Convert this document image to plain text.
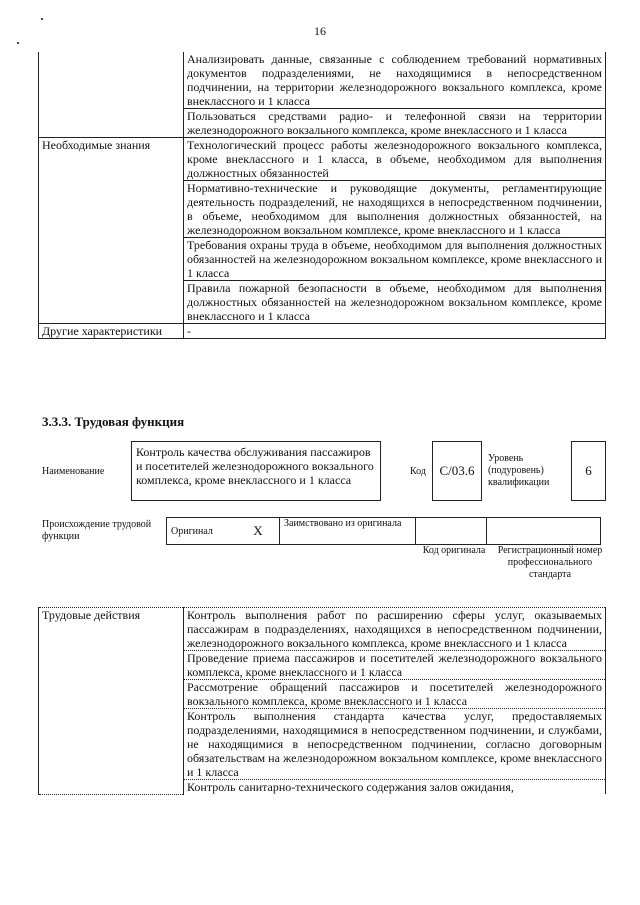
16
	Анализировать данные, связанные с соблюдением требований нормативных документов подразделениями, не находящимися в непосредственном подчинении, на территории железнодорожного вокзального комплекса, кроме внеклассного и 1 класса
	Пользоваться средствами радио- и телефонной связи на территории железнодорожного вокзального комплекса, кроме внеклассного и 1 класса
Необходимые знания	Технологический процесс работы железнодорожного вокзального комплекса, кроме внеклассного и 1 класса, в объеме, необходимом для выполнения должностных обязанностей
	Нормативно-технические и руководящие документы, регламентирующие деятельность подразделений, не находящихся в непосредственном подчинении, в объеме, необходимом для выполнения должностных обязанностей, на железнодорожном вокзальном комплексе, кроме внеклассного и 1 класса
	Требования охраны труда в объеме, необходимом для выполнения должностных обязанностей на железнодорожном вокзальном комплексе, кроме внеклассного и 1 класса
	Правила пожарной безопасности в объеме, необходимом для выполнения должностных обязанностей на железнодорожном вокзальном комплексе, кроме внеклассного и 1 класса
Другие характеристики	-
3.3.3. Трудовая функция
Наименование
Контроль качества обслуживания пассажиров и посетителей железнодорожного вокзального комплекса, кроме внеклассного и 1 класса
Код	С/03.6
Уровень (подуровень) квалификации
6
Происхождение трудовой функции	Оригинал	X	Заимствовано из оригинала		
Код оригинала	Регистрационный номер профессионального стандарта
Трудовые действия	Контроль выполнения работ по расширению сферы услуг, оказываемых пассажирам в подразделениях, находящихся в непосредственном подчинении, железнодорожного вокзального комплекса, кроме внеклассного и 1 класса
Проведение приема пассажиров и посетителей железнодорожного вокзального комплекса, кроме внеклассного и 1 класса
Рассмотрение обращений пассажиров и посетителей железнодорожного вокзального комплекса, кроме внеклассного и 1 класса
Контроль выполнения стандарта качества услуг, предоставляемых подразделениями, находящимися в непосредственном подчинении, и службами, не находящимися в непосредственном подчинении, согласно договорным обязательствам на железнодорожном вокзальном комплексе, кроме внеклассного и 1 класса
Контроль санитарно-технического содержания залов ожидания,
